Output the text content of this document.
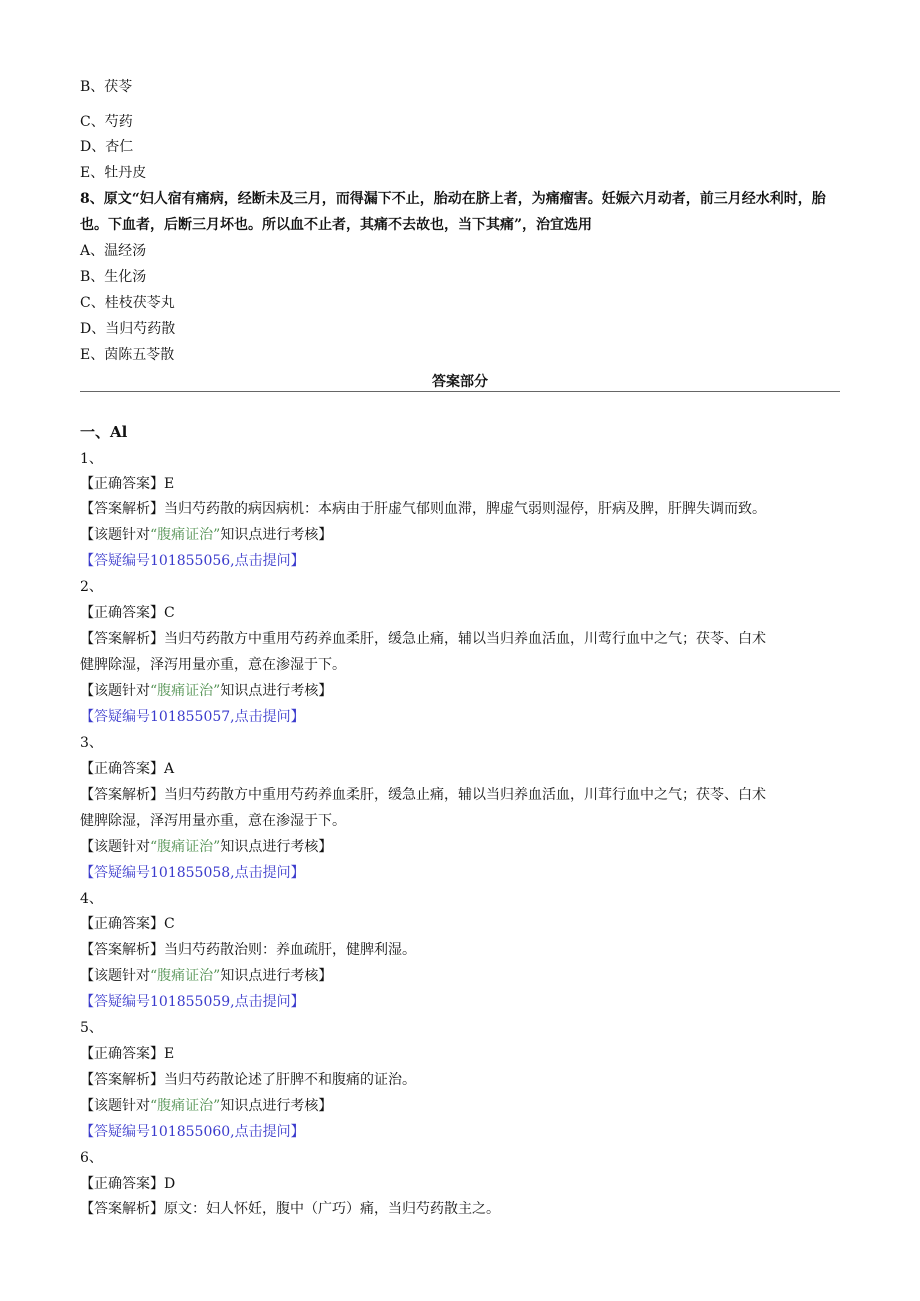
B、茯苓
C、芍药
D、杏仁
E、牡丹皮
8、原文“妇人宿有痛病，经断未及三月，而得漏下不止，胎动在脐上者，为痛瘤害。妊娠六月动者，前三月经水利时，胎也。下血者，后断三月坏也。所以血不止者，其痛不去故也，当下其痛”，治宜选用
A、温经汤
B、生化汤
C、桂枝茯苓丸
D、当归芍药散
E、茵陈五苓散
答案部分
一、Al
1、
【正确答案】E
【答案解析】当归芍药散的病因病机：本病由于肝虚气郁则血滞，脾虚气弱则湿停，肝病及脾，肝脾失调而致。
【该题针对“腹痛证治”知识点进行考核】
【答疑编号101855056,点击提问】
2、
【正确答案】C
【答案解析】当归芍药散方中重用芍药养血柔肝，缓急止痛，辅以当归养血活血，川莺行血中之气；茯苓、白术
健脾除湿，泽泻用量亦重，意在渗湿于下。
【该题针对“腹痛证治”知识点进行考核】
【答疑编号101855057,点击提问】
3、
【正确答案】A
【答案解析】当归芍药散方中重用芍药养血柔肝，缓急止痛，辅以当归养血活血，川茸行血中之气；茯苓、白术
健脾除湿，泽泻用量亦重，意在渗湿于下。
【该题针对“腹痛证治”知识点进行考核】
【答疑编号101855058,点击提问】
4、
【正确答案】C
【答案解析】当归芍药散治则：养血疏肝，健脾利湿。
【该题针对“腹痛证治”知识点进行考核】
【答疑编号101855059,点击提问】
5、
【正确答案】E
【答案解析】当归芍药散论述了肝脾不和腹痛的证治。
【该题针对“腹痛证治”知识点进行考核】
【答疑编号101855060,点击提问】
6、
【正确答案】D
【答案解析】原文：妇人怀妊，腹中（广巧）痛，当归芍药散主之。
